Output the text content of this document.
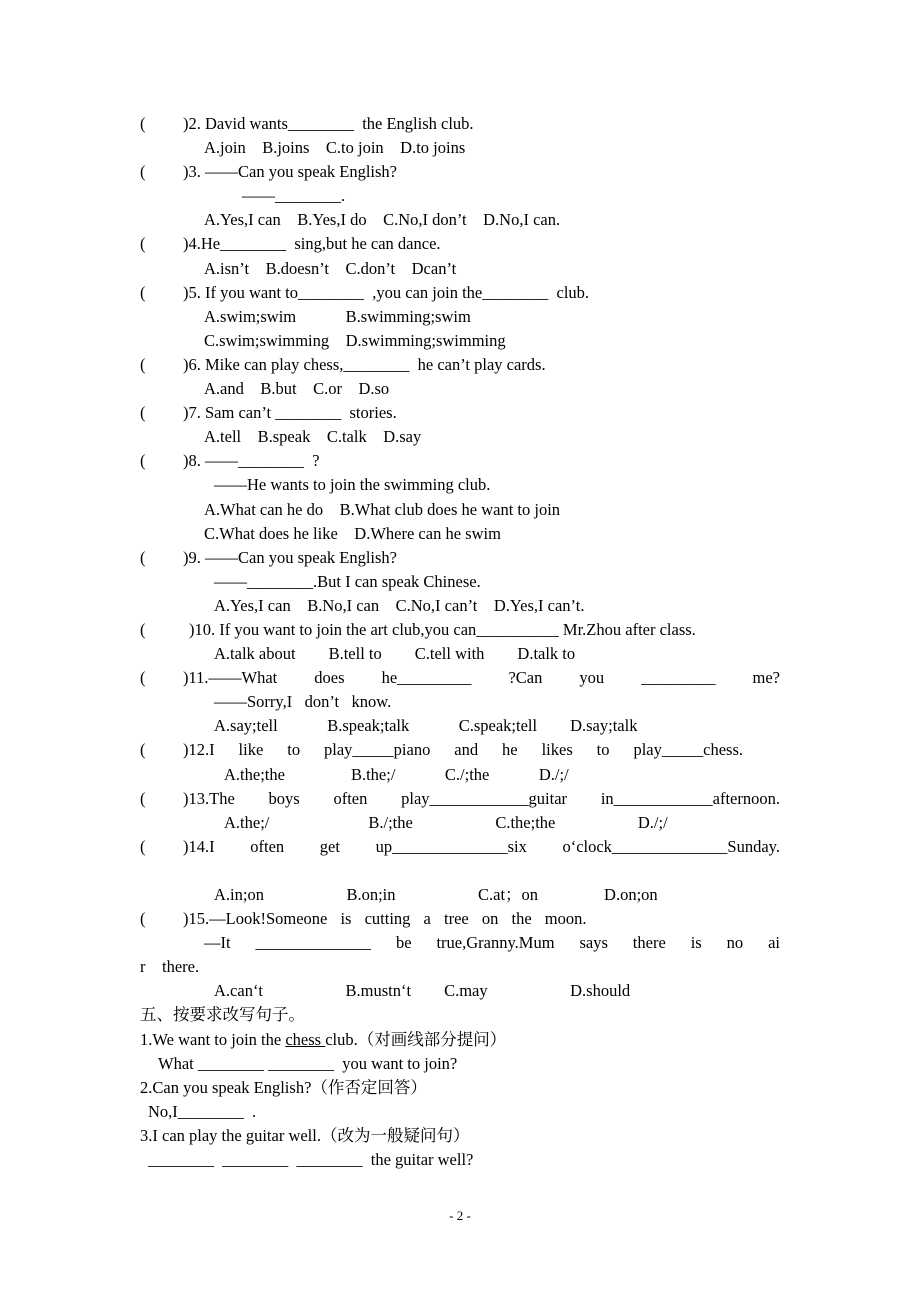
( )2. David wants________  the English club.
A.join    B.joins    C.to join    D.to joins
( )3. ——Can you speak English?
——________.
A.Yes,I can    B.Yes,I do    C.No,I don’t    D.No,I can.
( )4.He________  sing,but he can dance.
A.isn’t    B.doesn’t    C.don’t    Dcan’t
( )5. If you want to________  ,you can join the________  club.
A.swim;swim            B.swimming;swim
C.swim;swimming    D.swimming;swimming
( )6. Mike can play chess,________  he can’t play cards.
A.and    B.but    C.or    D.so
( )7. Sam can’t ________  stories.
A.tell    B.speak    C.talk    D.say
( )8. ——________  ?
——He wants to join the swimming club.
A.What can he do    B.What club does he want to join
C.What does he like    D.Where can he swim
( )9. ——Can you speak English?
——________.But I can speak Chinese.
A.Yes,I can    B.No,I can    C.No,I can’t    D.Yes,I can’t.
(	)10. If you want to join the art club,you can__________ Mr.Zhou after class.
A.talk about        B.tell to        C.tell with        D.talk to
( )11.——What does he_________ ?Can you _________ me?
——Sorry,I   don’t   know.
A.say;tell            B.speak;talk            C.speak;tell        D.say;talk
( )12.I like to play_____piano and he likes to play_____chess.
A.the;the                B.the;/            C./;the            D./;/
( )13.The boys often play____________guitar in____________afternoon.
A.the;/                        B./;the                    C.the;the                    D./;/
( )14.I often get up______________six o‘clock______________Sunday.
A.in;on                    B.on;in                    C.at；on                D.on;on
( )15.—Look!Someone is cutting a tree on the moon.
—It ______________ be true,Granny.Mum says there is no ai
r    there.
A.can‘t                    B.mustn‘t        C.may                    D.should
五、按要求改写句子。
1.We want to join the chess club.（对画线部分提问）
What ________ ________  you want to join?
2.Can you speak English?（作否定回答）
No,I________  .
3.I can play the guitar well.（改为一般疑问句）
________  ________  ________  the guitar well?
- 2 -
